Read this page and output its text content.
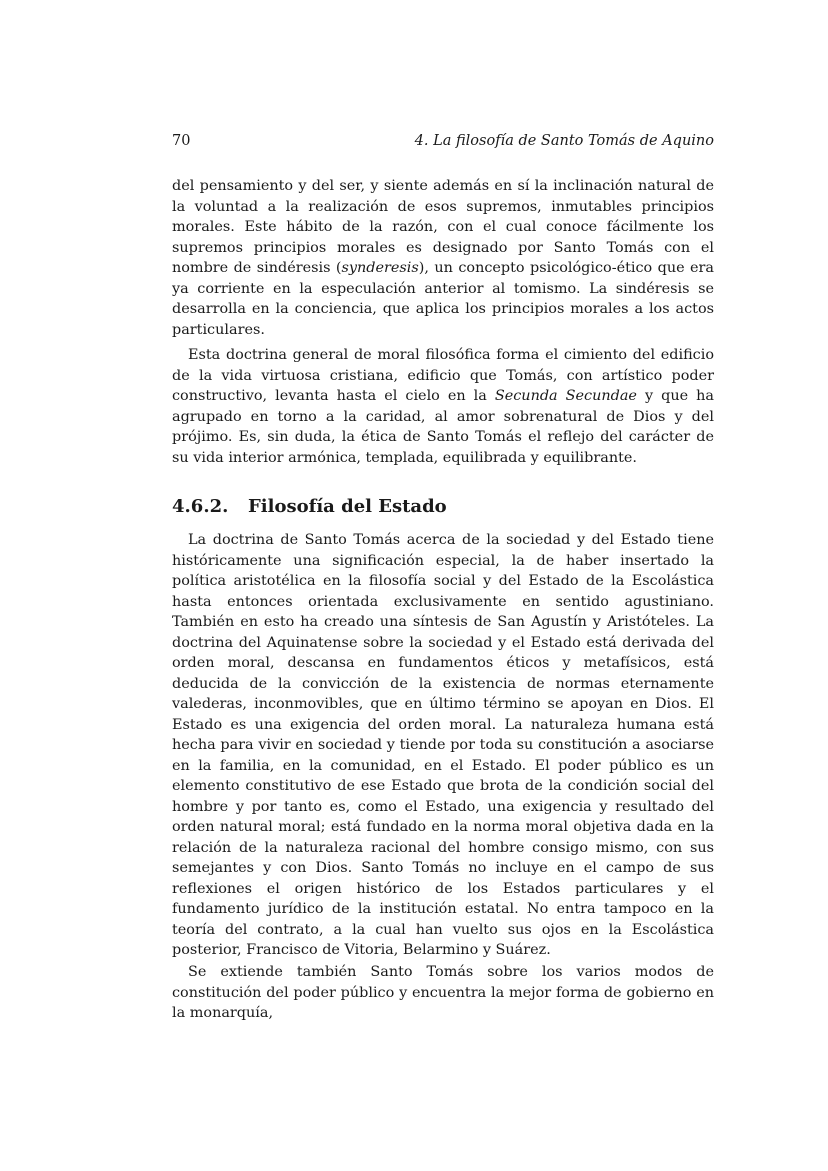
70	4. La filosofía de Santo Tomás de Aquino

del pensamiento y del ser, y siente además en sí la inclinación natural de la voluntad a la realización de esos supremos, inmutables principios morales. Este hábito de la razón, con el cual conoce fácilmente los supremos principios morales es designado por Santo Tomás con el nombre de sindéresis (synderesis), un concepto psicológico-ético que era ya corriente en la especulación anterior al tomismo. La sindéresis se desarrolla en la conciencia, que aplica los principios morales a los actos particulares.

Esta doctrina general de moral filosófica forma el cimiento del edificio de la vida virtuosa cristiana, edificio que Tomás, con artístico poder constructivo, levanta hasta el cielo en la Secunda Secundae y que ha agrupado en torno a la caridad, al amor sobrenatural de Dios y del prójimo. Es, sin duda, la ética de Santo Tomás el reflejo del carácter de su vida interior armónica, templada, equilibrada y equilibrante.

4.6.2. Filosofía del Estado

La doctrina de Santo Tomás acerca de la sociedad y del Estado tiene históricamente una significación especial, la de haber insertado la política aristotélica en la filosofía social y del Estado de la Escolástica hasta entonces orientada exclusivamente en sentido agustiniano. También en esto ha creado una síntesis de San Agustín y Aristóteles. La doctrina del Aquinatense sobre la sociedad y el Estado está derivada del orden moral, descansa en fundamentos éticos y metafísicos, está deducida de la convicción de la existencia de normas eternamente valederas, inconmovibles, que en último término se apoyan en Dios. El Estado es una exigencia del orden moral. La naturaleza humana está hecha para vivir en sociedad y tiende por toda su constitución a asociarse en la familia, en la comunidad, en el Estado. El poder público es un elemento constitutivo de ese Estado que brota de la condición social del hombre y por tanto es, como el Estado, una exigencia y resultado del orden natural moral; está fundado en la norma moral objetiva dada en la relación de la naturaleza racional del hombre consigo mismo, con sus semejantes y con Dios. Santo Tomás no incluye en el campo de sus reflexiones el origen histórico de los Estados particulares y el fundamento jurídico de la institución estatal. No entra tampoco en la teoría del contrato, a la cual han vuelto sus ojos en la Escolástica posterior, Francisco de Vitoria, Belarmino y Suárez.

Se extiende también Santo Tomás sobre los varios modos de constitución del poder público y encuentra la mejor forma de gobierno en la monarquía,
